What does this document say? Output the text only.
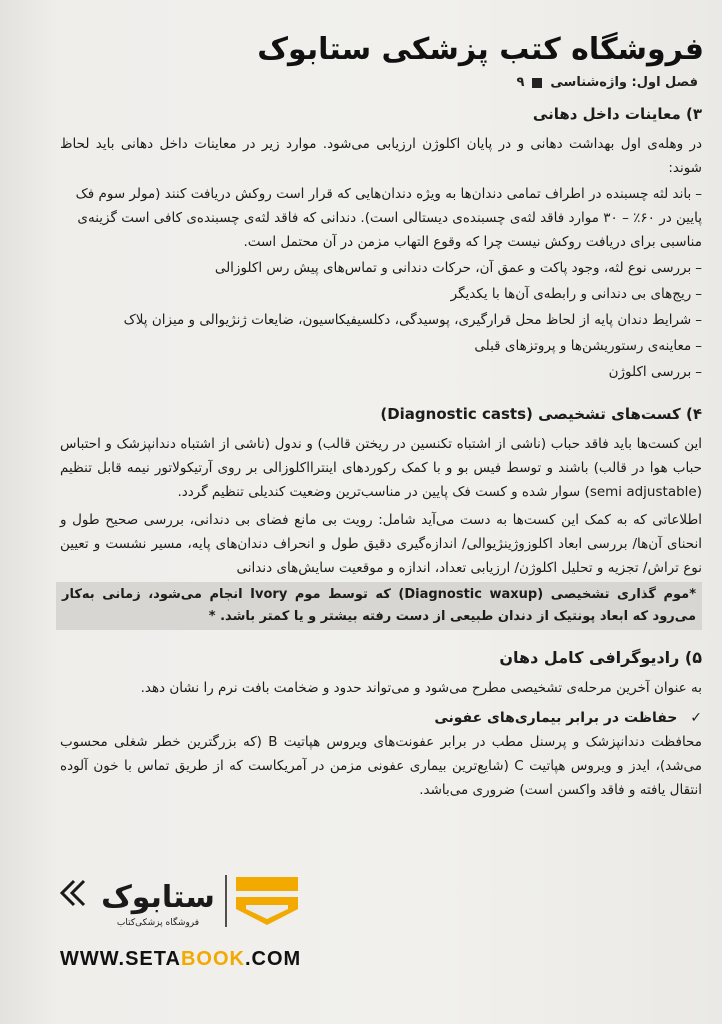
فروشگاه کتب پزشکی ستابوک
فصل اول: واژه‌شناسی
۹
۳) معاینات داخل دهانی
در وهله‌ی اول بهداشت دهانی و در پایان اکلوژن ارزیابی می‌شود. موارد زیر در معاینات داخل دهانی باید لحاظ شوند:
– باند لثه چسبنده در اطراف تمامی دندان‌ها به ویژه دندان‌هایی که قرار است روکش دریافت کنند (مولر سوم فک پایین در ۶۰٪ – ۳۰ موارد فاقد لثه‌ی چسبنده‌ی دیستالی است). دندانی که فاقد لثه‌ی چسبنده‌ی کافی است گزینه‌ی مناسبی برای دریافت روکش نیست چرا که وقوع التهاب مزمن در آن محتمل است.
– بررسی نوع لثه، وجود پاکت و عمق آن، حرکات دندانی و تماس‌های پیش رس اکلوزالی
– ریج‌های بی دندانی و رابطه‌ی آن‌ها با یکدیگر
– شرایط دندان پایه از لحاظ محل قرارگیری، پوسیدگی، دکلسیفیکاسیون، ضایعات ژنژیوالی و میزان پلاک
– معاینه‌ی رستوریشن‌ها و پروتزهای قبلی
– بررسی اکلوژن
۴) کست‌های تشخیصی (Diagnostic casts)
این کست‌ها باید فاقد حباب (ناشی از اشتباه تکنسین در ریختن قالب) و ندول (ناشی از اشتباه دندانپزشک و احتباس حباب هوا در قالب) باشند و توسط فیس بو و با کمک رکوردهای اینترااکلوزالی بر روی آرتیکولاتور نیمه قابل تنظیم (semi adjustable) سوار شده و کست فک پایین در مناسب‌ترین وضعیت کندیلی تنظیم گردد.
اطلاعاتی که به کمک این کست‌ها به دست می‌آید شامل: رویت بی مانع فضای بی دندانی، بررسی صحیح طول و انحنای آن‌ها/ بررسی ابعاد اکلوزوژینژیوالی/ اندازه‌گیری دقیق طول و انحراف دندان‌های پایه، مسیر نشست و تعیین نوع تراش/ تجزیه و تحلیل اکلوژن/ ارزیابی تعداد، اندازه و موقعیت سایش‌های دندانی
*موم گذاری تشخیصی (Diagnostic waxup) که توسط موم Ivory انجام می‌شود، زمانی به‌کار می‌رود که ابعاد پونتیک از دندان طبیعی از دست رفته بیشتر و یا کمتر باشد. *
۵) رادیوگرافی کامل دهان
به عنوان آخرین مرحله‌ی تشخیصی مطرح می‌شود و می‌تواند حدود و ضخامت بافت نرم را نشان دهد.
✓ حفاظت در برابر بیماری‌های عفونی
محافظت دندانپزشک و پرسنل مطب در برابر عفونت‌های ویروس هپاتیت B (که بزرگترین خطر شغلی محسوب می‌شد)، ایدز و ویروس هپاتیت C (شایع‌ترین بیماری عفونی مزمن در آمریکاست که از طریق تماس با خون آلوده انتقال یافته و فاقد واکسن است) ضروری می‌باشد.
ستابوک
فروشگاه پزشکی‌کتاب
WWW.SETABOOK.COM
